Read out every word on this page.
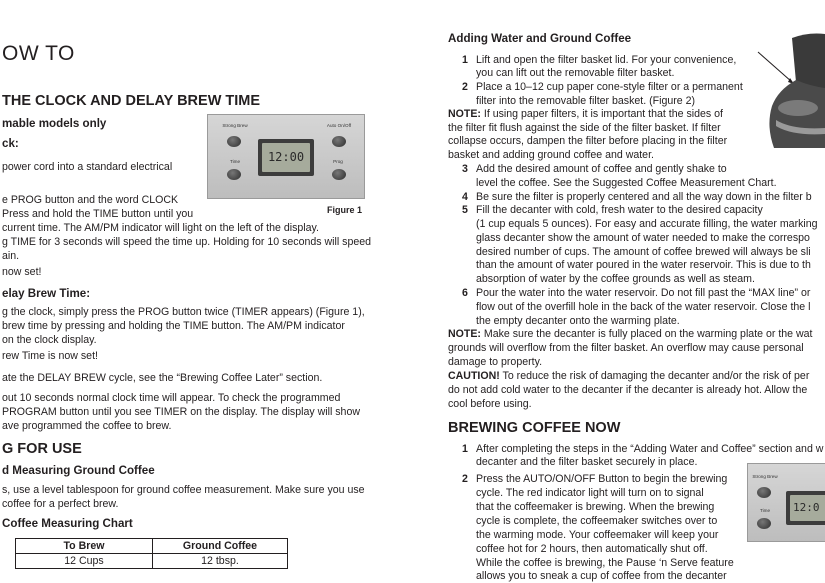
OW TO
THE CLOCK AND DELAY BREW TIME
mable models only
ck:
power cord into a standard electrical
e PROG button and the word CLOCK
Press and hold the TIME button until you
current time. The AM/PM indicator will light on the left of the display.
g TIME for 3 seconds will speed the time up. Holding for 10 seconds will speed
ain.
now set!
elay Brew Time:
g the clock, simply press the PROG button twice (TIMER appears) (Figure 1),
brew time by pressing and holding the TIME button. The AM/PM indicator
on the clock display.
rew Time is now set!
ate the DELAY BREW cycle, see the “Brewing Coffee Later” section.
out 10 seconds normal clock time will appear. To check the programmed
PROGRAM button until you see TIMER on the display. The display will show
ave programmed the coffee to brew.
G FOR USE
d Measuring Ground Coffee
s, use a level tablespoon for ground coffee measurement. Make sure you use
coffee for a perfect brew.
Coffee Measuring Chart
To Brew	Ground Coffee
12 Cups	12 tbsp.
Strong Brew
Time	12:00
Auto On/Off
Prog
Figure 1
Adding Water and Ground Coffee
1 Lift and open the filter basket lid. For your convenience,
you can lift out the removable filter basket.
2 Place a 10–12 cup paper cone-style filter or a permanent
filter into the removable filter basket. (Figure 2)
NOTE: If using paper filters, it is important that the sides of
the filter fit flush against the side of the filter basket. If filter
collapse occurs, dampen the filter before placing in the filter
basket and adding ground coffee and water.
3 Add the desired amount of coffee and gently shake to
level the coffee. See the Suggested Coffee Measurement Chart.
4 Be sure the filter is properly centered and all the way down in the filter b
5 Fill the decanter with cold, fresh water to the desired capacity
(1 cup equals 5 ounces). For easy and accurate filling, the water marking
glass decanter show the amount of water needed to make the correspo
desired number of cups. The amount of coffee brewed will always be sli
than the amount of water poured in the water reservoir. This is due to th
absorption of water by the coffee grounds as well as steam.
6 Pour the water into the water reservoir. Do not fill past the “MAX line” or
flow out of the overfill hole in the back of the water reservoir. Close the l
the empty decanter onto the warming plate.
NOTE: Make sure the decanter is fully placed on the warming plate or the wat
grounds will overflow from the filter basket. An overflow may cause personal
damage to property.
CAUTION! To reduce the risk of damaging the decanter and/or the risk of per
do not add cold water to the decanter if the decanter is already hot. Allow the
cool before using.
BREWING COFFEE NOW
1 After completing the steps in the “Adding Water and Coffee” section and w
decanter and the filter basket securely in place.
2 Press the AUTO/ON/OFF Button to begin the brewing
cycle. The red indicator light will turn on to signal
that the coffeemaker is brewing. When the brewing
cycle is complete, the coffeemaker switches over to
the warming mode. Your coffeemaker will keep your
coffee hot for 2 hours, then automatically shut off.
While the coffee is brewing, the Pause ‘n Serve feature
allows you to sneak a cup of coffee from the decanter
Strong Brew
Time	12:0
